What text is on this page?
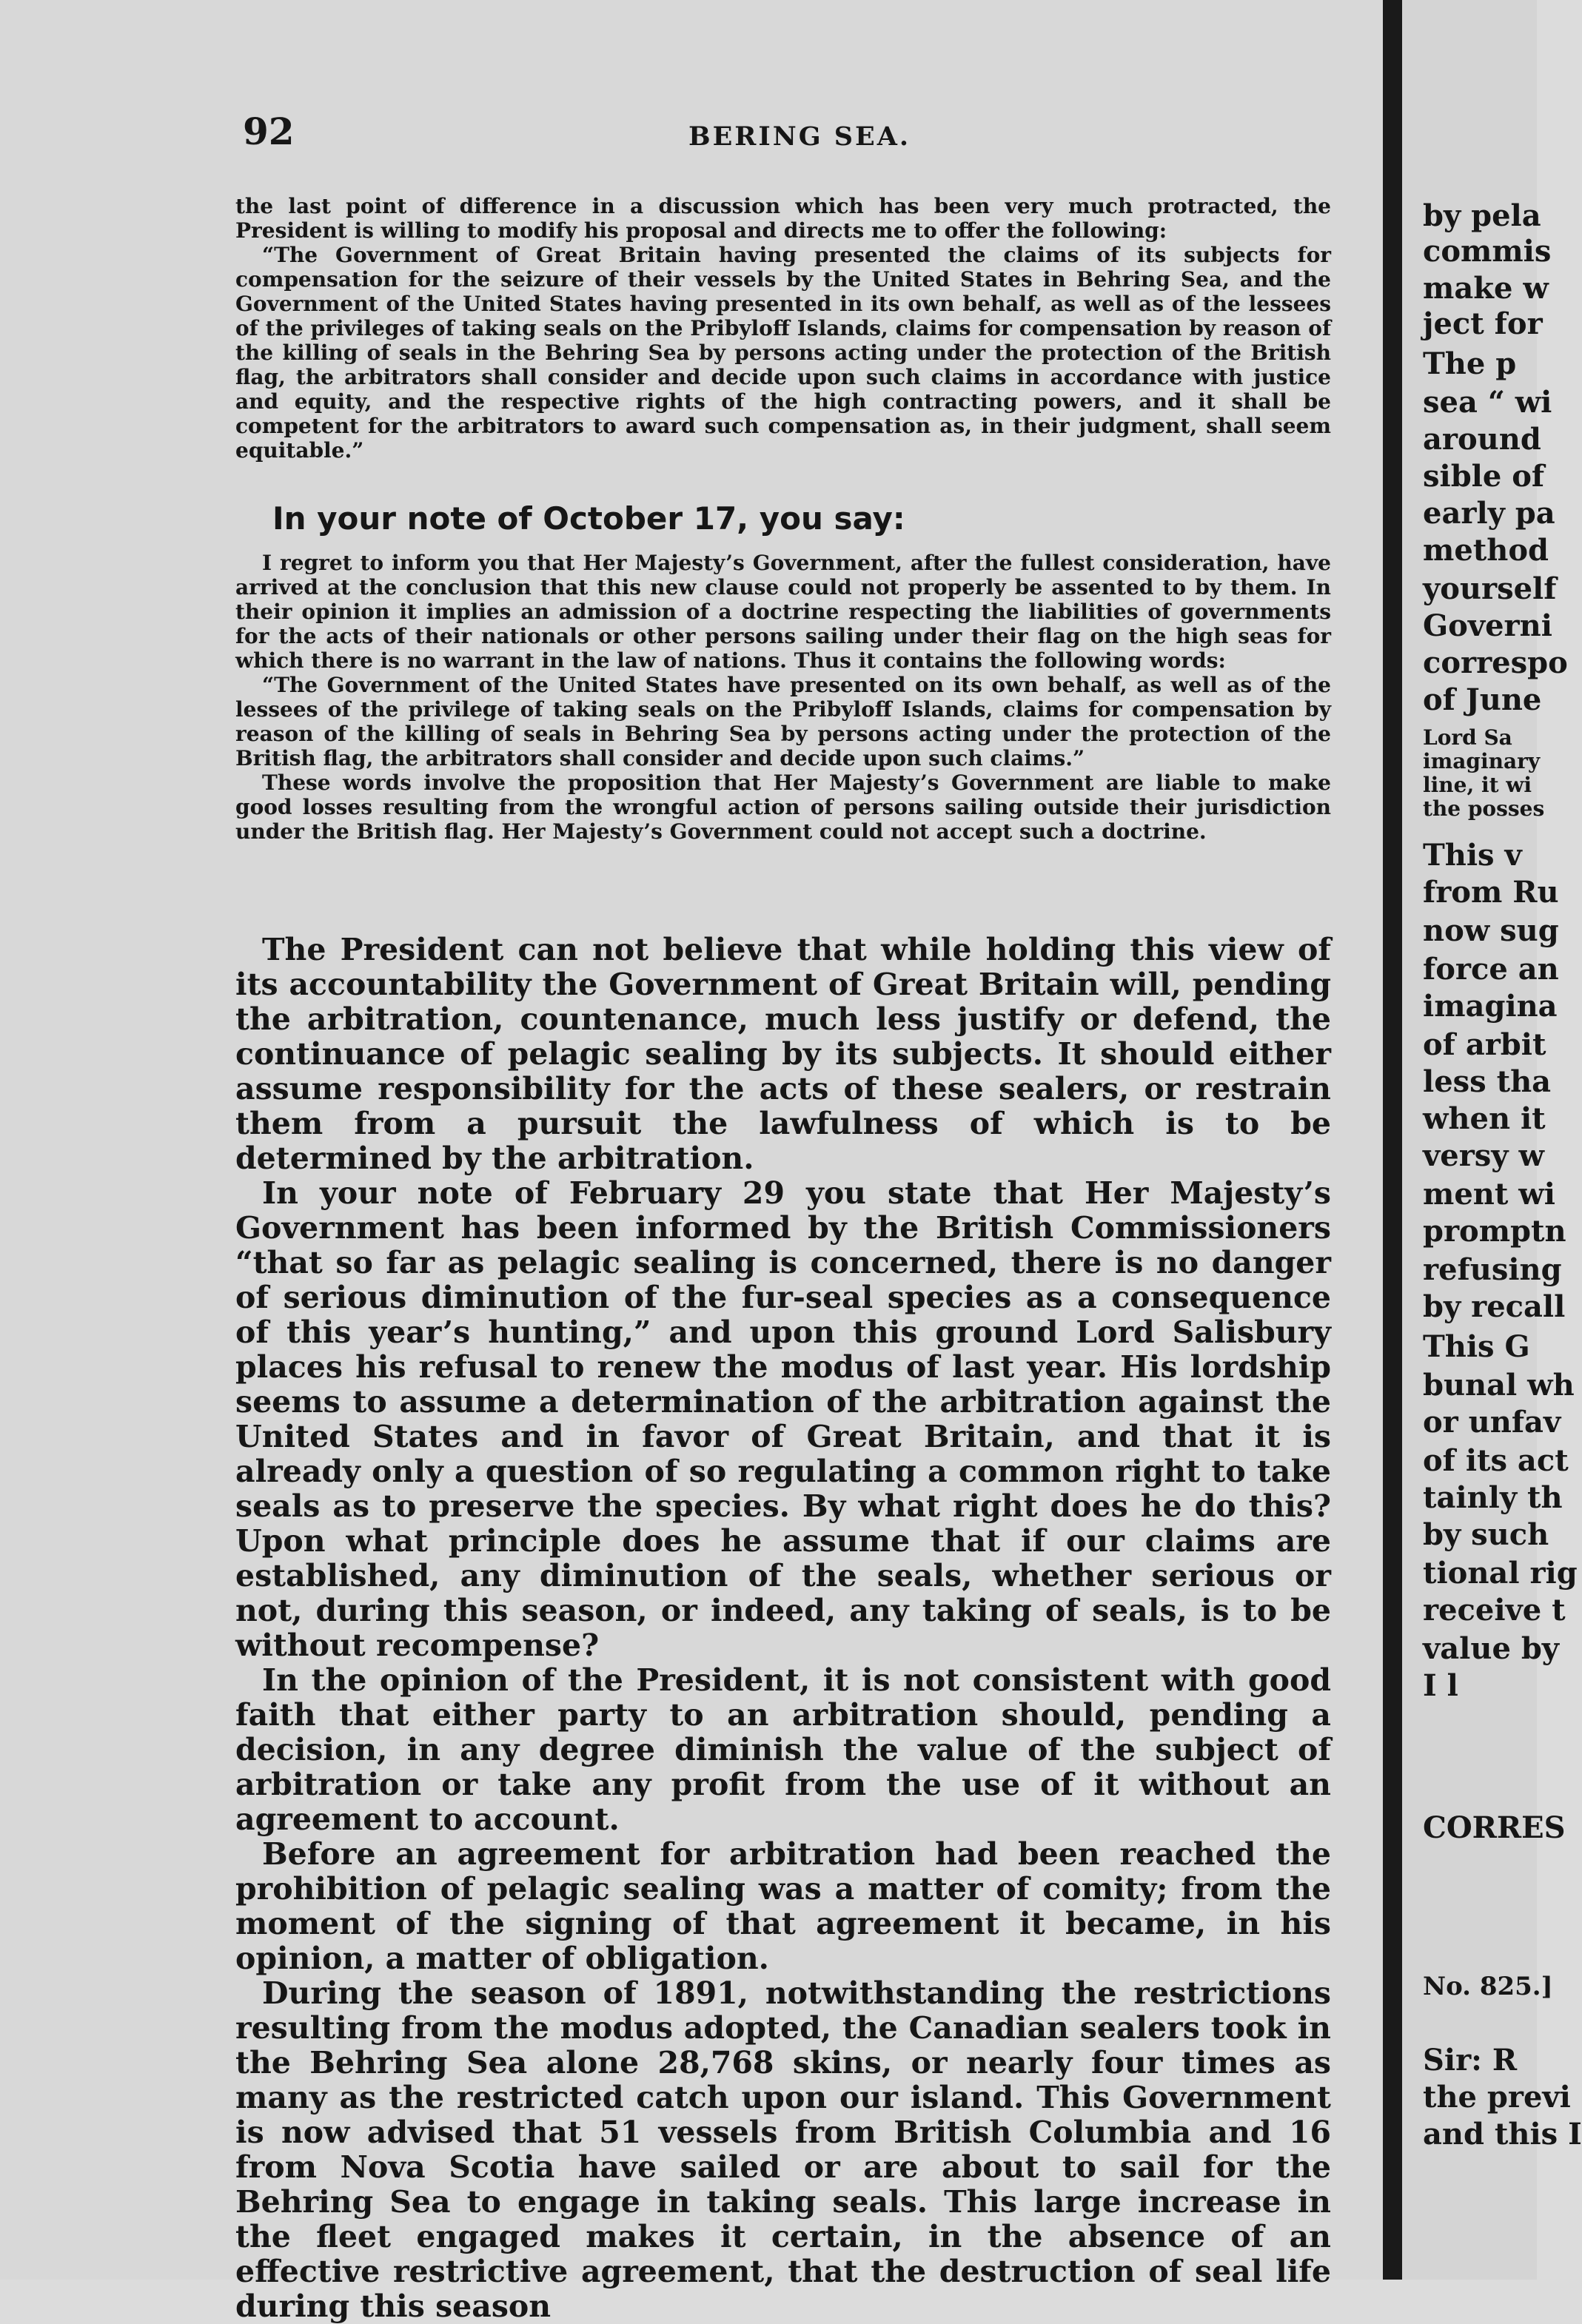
92	BERING SEA.

the last point of difference in a discussion which has been very much protracted, the President is willing to modify his proposal and directs me to offer the following:

“The Government of Great Britain having presented the claims of its subjects for compensation for the seizure of their vessels by the United States in Behring Sea, and the Government of the United States having presented in its own behalf, as well as of the lessees of the privileges of taking seals on the Pribyloff Islands, claims for compensation by reason of the killing of seals in the Behring Sea by persons acting under the protection of the British flag, the arbitrators shall consider and decide upon such claims in accordance with justice and equity, and the respective rights of the high contracting powers, and it shall be competent for the arbitrators to award such compensation as, in their judgment, shall seem equitable.”

In your note of October 17, you say:

I regret to inform you that Her Majesty’s Government, after the fullest consideration, have arrived at the conclusion that this new clause could not properly be assented to by them. In their opinion it implies an admission of a doctrine respecting the liabilities of governments for the acts of their nationals or other persons sailing under their flag on the high seas for which there is no warrant in the law of nations. Thus it contains the following words:

“The Government of the United States have presented on its own behalf, as well as of the lessees of the privilege of taking seals on the Pribyloff Islands, claims for compensation by reason of the killing of seals in Behring Sea by persons acting under the protection of the British flag, the arbitrators shall consider and decide upon such claims.”

These words involve the proposition that Her Majesty’s Government are liable to make good losses resulting from the wrongful action of persons sailing outside their jurisdiction under the British flag. Her Majesty’s Government could not accept such a doctrine.

The President can not believe that while holding this view of its accountability the Government of Great Britain will, pending the arbitration, countenance, much less justify or defend, the continuance of pelagic sealing by its subjects. It should either assume responsibility for the acts of these sealers, or restrain them from a pursuit the lawfulness of which is to be determined by the arbitration.

In your note of February 29 you state that Her Majesty’s Government has been informed by the British Commissioners “that so far as pelagic sealing is concerned, there is no danger of serious diminution of the fur-seal species as a consequence of this year’s hunting,” and upon this ground Lord Salisbury places his refusal to renew the modus of last year. His lordship seems to assume a determination of the arbitration against the United States and in favor of Great Britain, and that it is already only a question of so regulating a common right to take seals as to preserve the species. By what right does he do this? Upon what principle does he assume that if our claims are established, any diminution of the seals, whether serious or not, during this season, or indeed, any taking of seals, is to be without recompense?

In the opinion of the President, it is not consistent with good faith that either party to an arbitration should, pending a decision, in any degree diminish the value of the subject of arbitration or take any profit from the use of it without an agreement to account.

Before an agreement for arbitration had been reached the prohibition of pelagic sealing was a matter of comity; from the moment of the signing of that agreement it became, in his opinion, a matter of obligation.

During the season of 1891, notwithstanding the restrictions resulting from the modus adopted, the Canadian sealers took in the Behring Sea alone 28,768 skins, or nearly four times as many as the restricted catch upon our island. This Government is now advised that 51 vessels from British Columbia and 16 from Nova Scotia have sailed or are about to sail for the Behring Sea to engage in taking seals. This large increase in the fleet engaged makes it certain, in the absence of an effective restrictive agreement, that the destruction of seal life during this season

by pela
commis
make w
ject for
The p
sea “ wi
around
sible of
early pa
method
yourself
Governi
correspo
of June
Lord Sa
imaginary
line, it wi
the posses
This v
from Ru
now sug
force an
imagina
of arbit
less tha
when it
versy w
ment wi
promptn
refusing
by recall
This G
bunal wh
or unfav
of its act
tainly th
by such
tional rig
receive t
value by
I l
CORRES
No. 825.]
Sir: R
the previ
and this I
